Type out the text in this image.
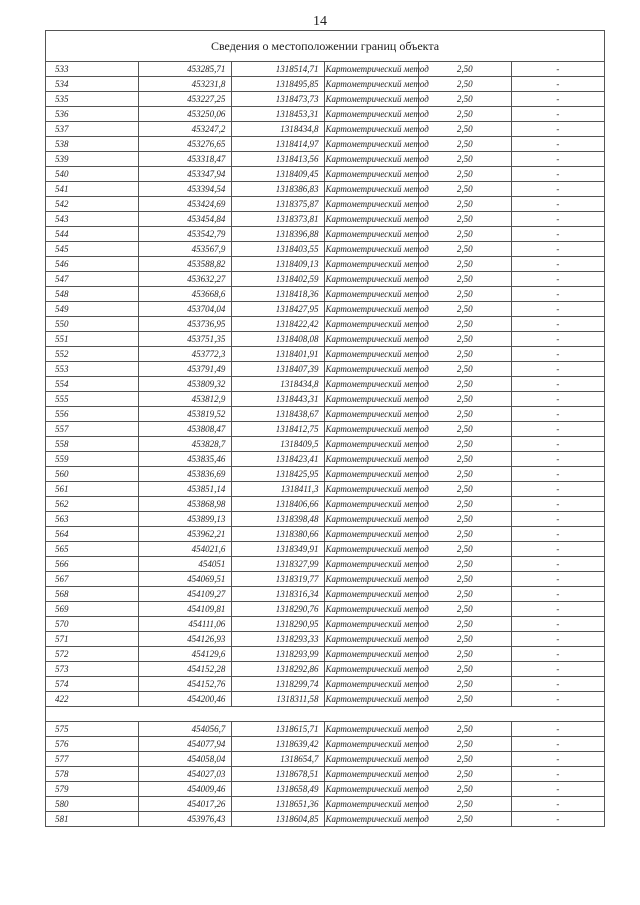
14
Сведения о местоположении границ объекта					
533	453285,71	1318514,71	Картометрический метод	2,50	-
534	453231,8	1318495,85	Картометрический метод	2,50	-
535	453227,25	1318473,73	Картометрический метод	2,50	-
536	453250,06	1318453,31	Картометрический метод	2,50	-
537	453247,2	1318434,8	Картометрический метод	2,50	-
538	453276,65	1318414,97	Картометрический метод	2,50	-
539	453318,47	1318413,56	Картометрический метод	2,50	-
540	453347,94	1318409,45	Картометрический метод	2,50	-
541	453394,54	1318386,83	Картометрический метод	2,50	-
542	453424,69	1318375,87	Картометрический метод	2,50	-
543	453454,84	1318373,81	Картометрический метод	2,50	-
544	453542,79	1318396,88	Картометрический метод	2,50	-
545	453567,9	1318403,55	Картометрический метод	2,50	-
546	453588,82	1318409,13	Картометрический метод	2,50	-
547	453632,27	1318402,59	Картометрический метод	2,50	-
548	453668,6	1318418,36	Картометрический метод	2,50	-
549	453704,04	1318427,95	Картометрический метод	2,50	-
550	453736,95	1318422,42	Картометрический метод	2,50	-
551	453751,35	1318408,08	Картометрический метод	2,50	-
552	453772,3	1318401,91	Картометрический метод	2,50	-
553	453791,49	1318407,39	Картометрический метод	2,50	-
554	453809,32	1318434,8	Картометрический метод	2,50	-
555	453812,9	1318443,31	Картометрический метод	2,50	-
556	453819,52	1318438,67	Картометрический метод	2,50	-
557	453808,47	1318412,75	Картометрический метод	2,50	-
558	453828,7	1318409,5	Картометрический метод	2,50	-
559	453835,46	1318423,41	Картометрический метод	2,50	-
560	453836,69	1318425,95	Картометрический метод	2,50	-
561	453851,14	1318411,3	Картометрический метод	2,50	-
562	453868,98	1318406,66	Картометрический метод	2,50	-
563	453899,13	1318398,48	Картометрический метод	2,50	-
564	453962,21	1318380,66	Картометрический метод	2,50	-
565	454021,6	1318349,91	Картометрический метод	2,50	-
566	454051	1318327,99	Картометрический метод	2,50	-
567	454069,51	1318319,77	Картометрический метод	2,50	-
568	454109,27	1318316,34	Картометрический метод	2,50	-
569	454109,81	1318290,76	Картометрический метод	2,50	-
570	454111,06	1318290,95	Картометрический метод	2,50	-
571	454126,93	1318293,33	Картометрический метод	2,50	-
572	454129,6	1318293,99	Картометрический метод	2,50	-
573	454152,28	1318292,86	Картометрический метод	2,50	-
574	454152,76	1318299,74	Картометрический метод	2,50	-
422	454200,46	1318311,58	Картометрический метод	2,50	-

575	454056,7	1318615,71	Картометрический метод	2,50	-
576	454077,94	1318639,42	Картометрический метод	2,50	-
577	454058,04	1318654,7	Картометрический метод	2,50	-
578	454027,03	1318678,51	Картометрический метод	2,50	-
579	454009,46	1318658,49	Картометрический метод	2,50	-
580	454017,26	1318651,36	Картометрический метод	2,50	-
581	453976,43	1318604,85	Картометрический метод	2,50	-
